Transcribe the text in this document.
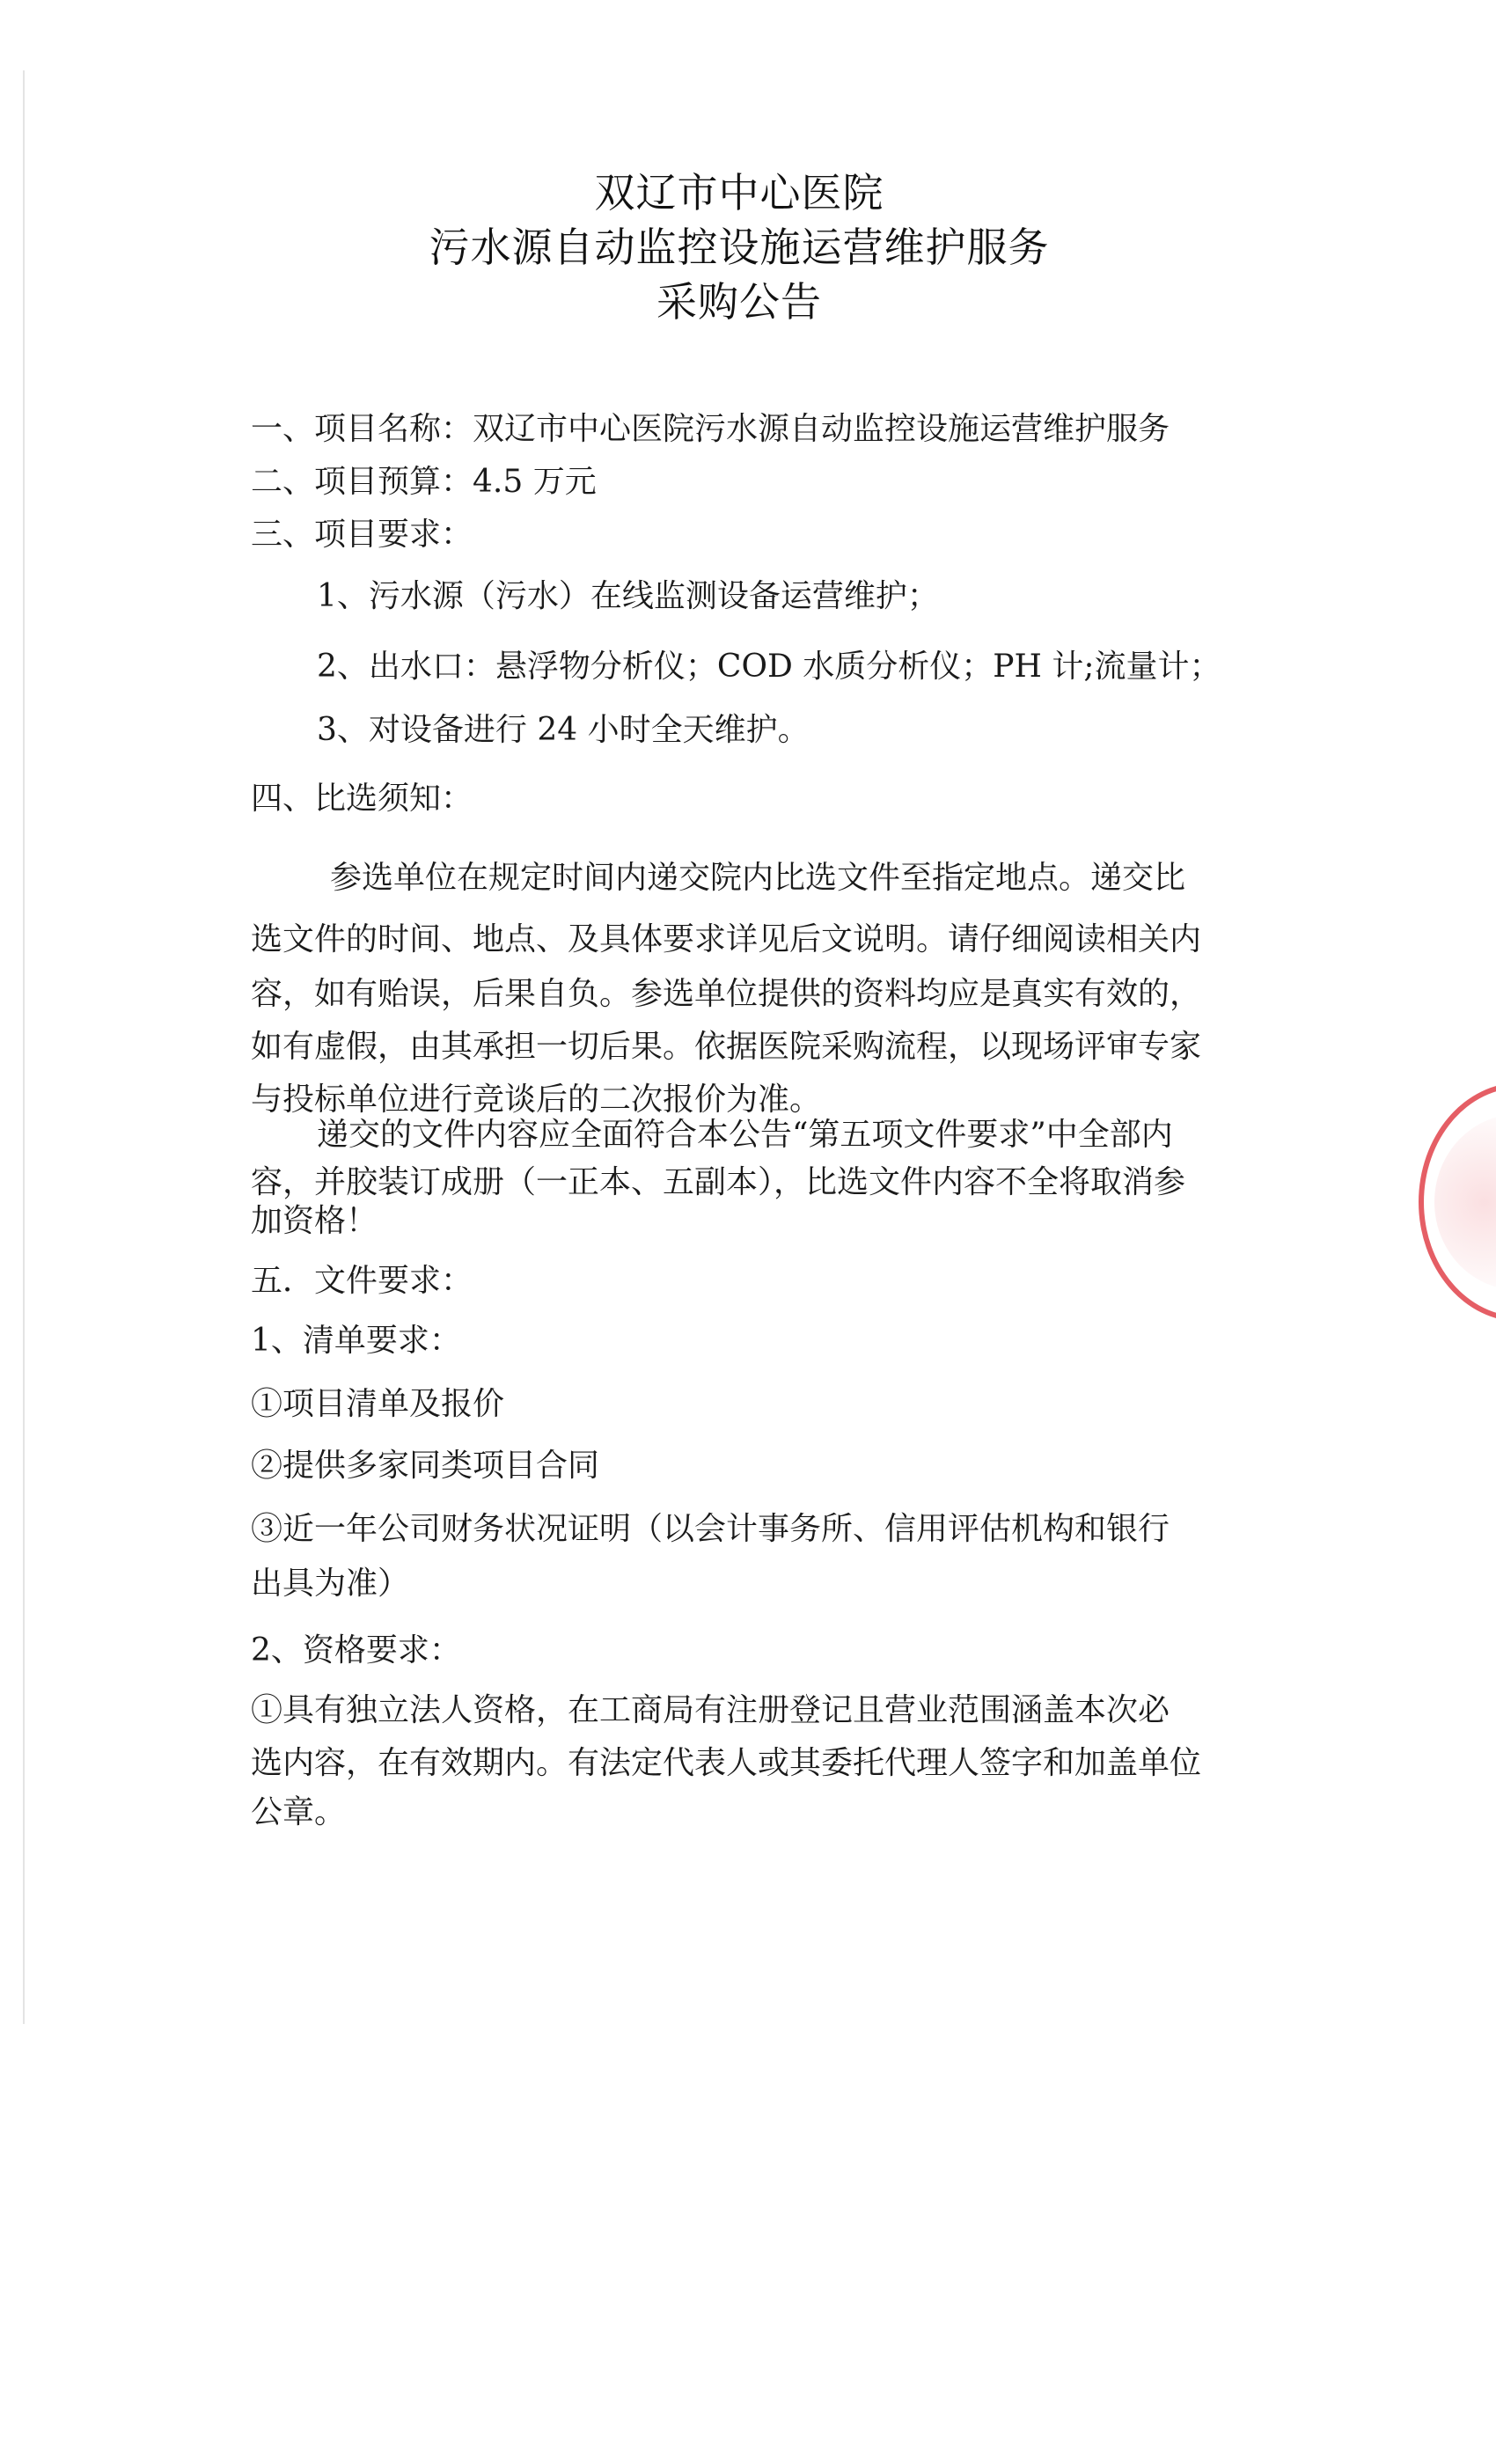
双辽市中心医院
污水源自动监控设施运营维护服务
采购公告
一、项目名称：双辽市中心医院污水源自动监控设施运营维护服务
二、项目预算：4.5 万元
三、项目要求：
1、污水源（污水）在线监测设备运营维护；
2、出水口：悬浮物分析仪；COD 水质分析仪；PH 计;流量计；
3、对设备进行 24 小时全天维护。
四、比选须知：
参选单位在规定时间内递交院内比选文件至指定地点。递交比
选文件的时间、地点、及具体要求详见后文说明。请仔细阅读相关内
容，如有贻误，后果自负。参选单位提供的资料均应是真实有效的，
如有虚假，由其承担一切后果。依据医院采购流程，以现场评审专家
与投标单位进行竞谈后的二次报价为准。
递交的文件内容应全面符合本公告“第五项文件要求”中全部内
容，并胶装订成册（一正本、五副本），比选文件内容不全将取消参
加资格！
五．文件要求：
1、清单要求：
①项目清单及报价
②提供多家同类项目合同
③近一年公司财务状况证明（以会计事务所、信用评估机构和银行
出具为准）
2、资格要求：
①具有独立法人资格，在工商局有注册登记且营业范围涵盖本次必
选内容，在有效期内。有法定代表人或其委托代理人签字和加盖单位
公章。
